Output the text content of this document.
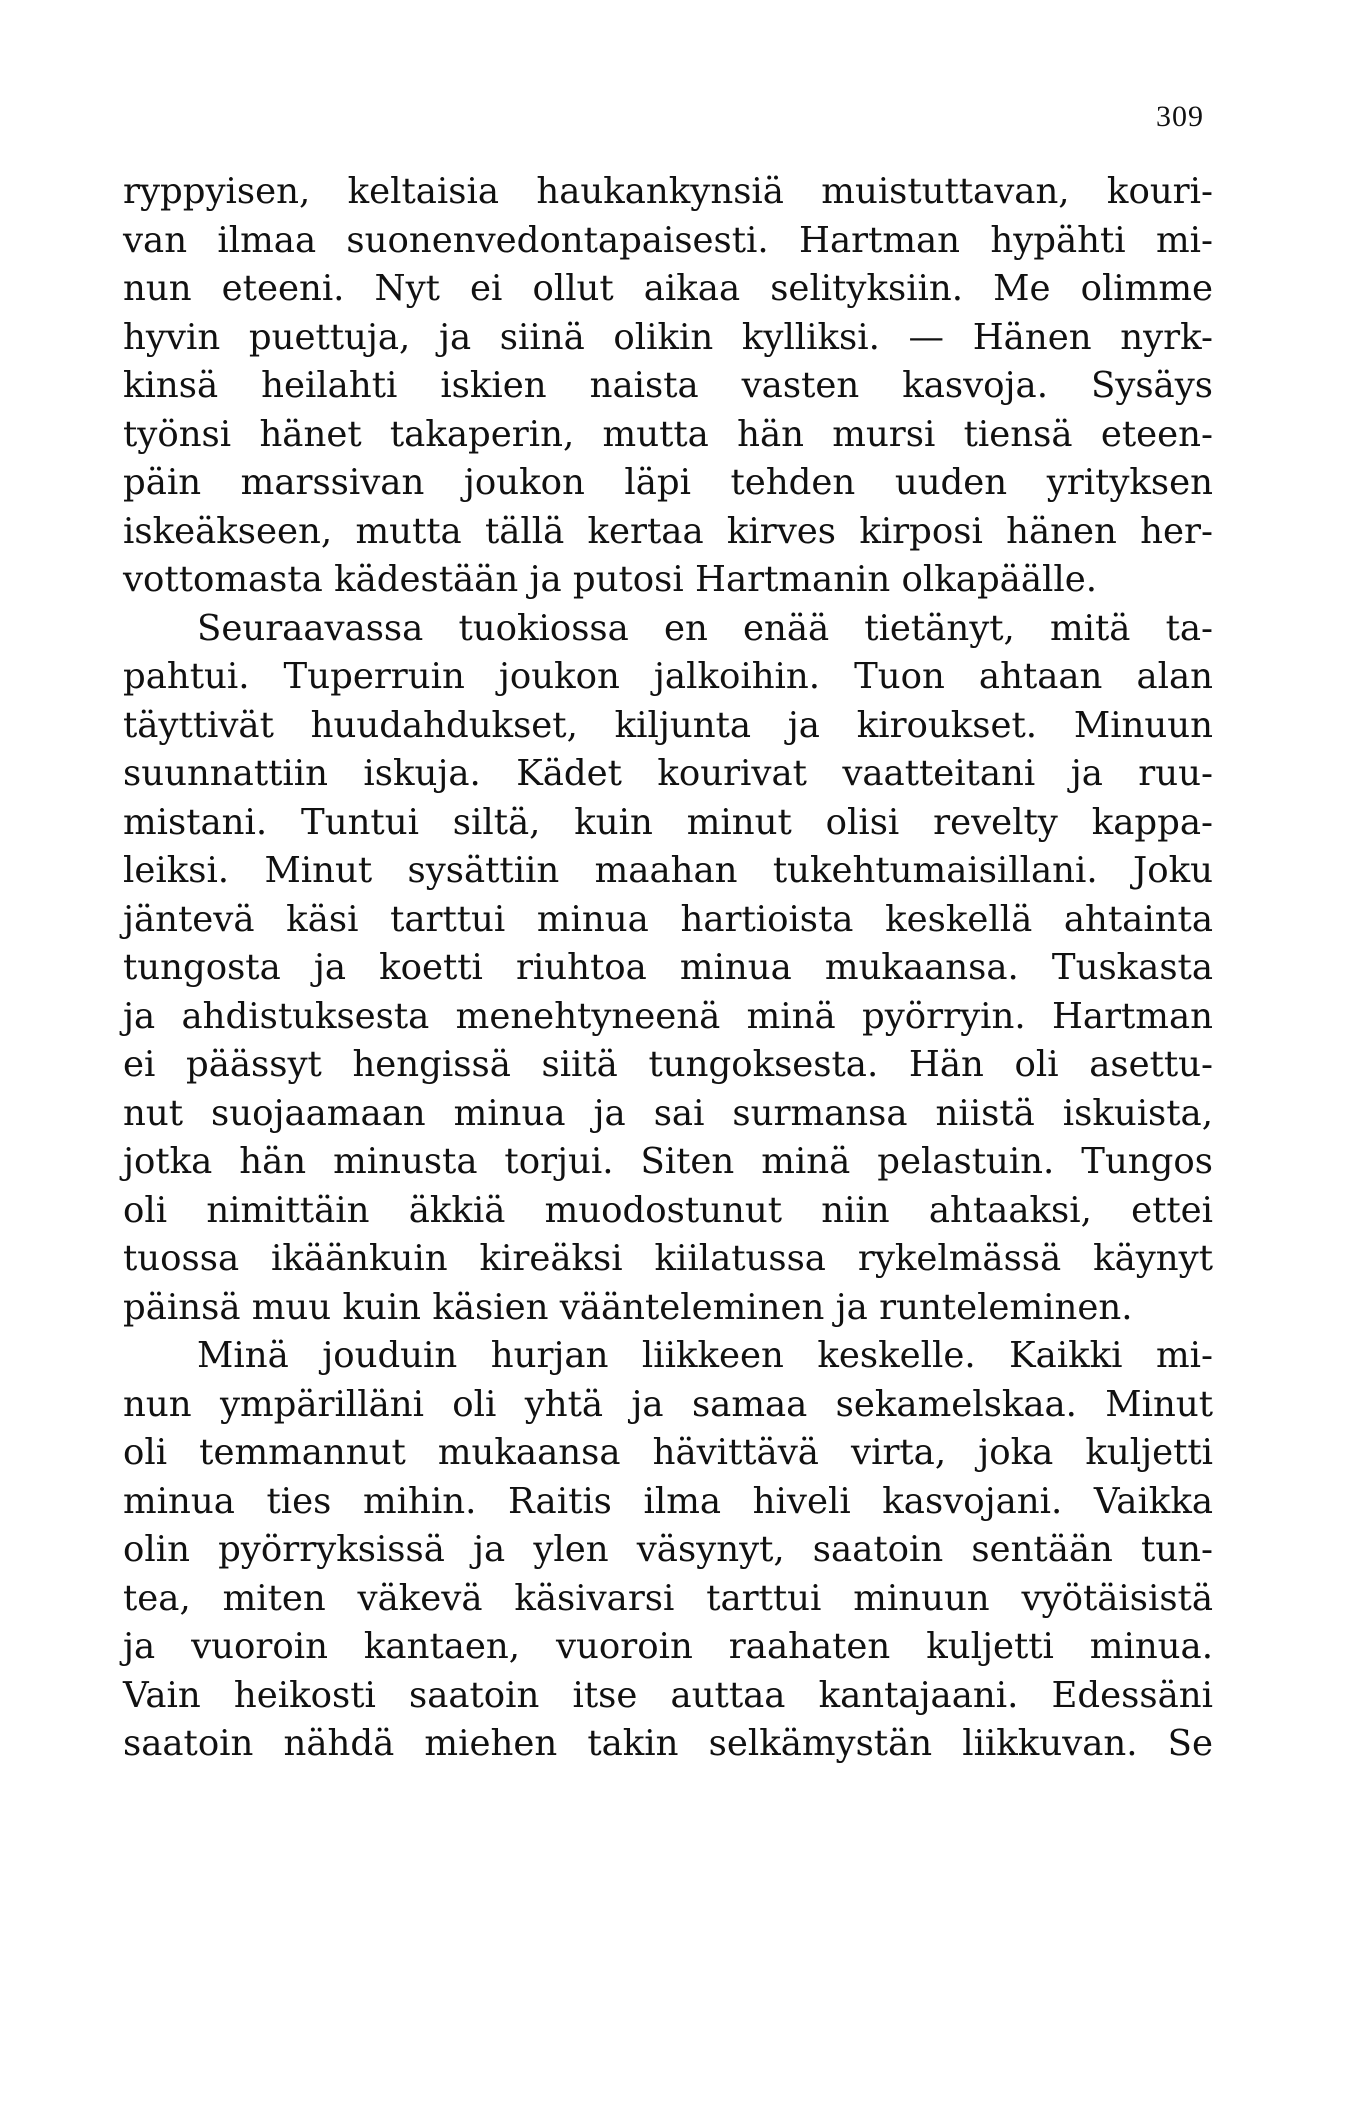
309
ryppyisen, keltaisia haukankynsiä muistuttavan, kouri-
van ilmaa suonenvedontapaisesti. Hartman hypähti mi-
nun eteeni. Nyt ei ollut aikaa selityksiin. Me olimme
hyvin puettuja, ja siinä olikin kylliksi. — Hänen nyrk-
kinsä heilahti iskien naista vasten kasvoja. Sysäys
työnsi hänet takaperin, mutta hän mursi tiensä eteen-
päin marssivan joukon läpi tehden uuden yrityksen
iskeäkseen, mutta tällä kertaa kirves kirposi hänen her-
vottomasta kädestään ja putosi Hartmanin olkapäälle.
Seuraavassa tuokiossa en enää tietänyt, mitä ta-
pahtui. Tuperruin joukon jalkoihin. Tuon ahtaan alan
täyttivät huudahdukset, kiljunta ja kiroukset. Minuun
suunnattiin iskuja. Kädet kourivat vaatteitani ja ruu-
mistani. Tuntui siltä, kuin minut olisi revelty kappa-
leiksi. Minut sysättiin maahan tukehtumaisillani. Joku
jäntevä käsi tarttui minua hartioista keskellä ahtainta
tungosta ja koetti riuhtoa minua mukaansa. Tuskasta
ja ahdistuksesta menehtyneenä minä pyörryin. Hartman
ei päässyt hengissä siitä tungoksesta. Hän oli asettu-
nut suojaamaan minua ja sai surmansa niistä iskuista,
jotka hän minusta torjui. Siten minä pelastuin. Tungos
oli nimittäin äkkiä muodostunut niin ahtaaksi, ettei
tuossa ikäänkuin kireäksi kiilatussa rykelmässä käynyt
päinsä muu kuin käsien vääntelеminen ja runteleminen.
Minä jouduin hurjan liikkeen keskelle. Kaikki mi-
nun ympärilläni oli yhtä ja samaa sekamelskaa. Minut
oli temmannut mukaansa hävittävä virta, joka kuljetti
minua ties mihin. Raitis ilma hiveli kasvojani. Vaikka
olin pyörryksissä ja ylen väsynyt, saatoin sentään tun-
tea, miten väkevä käsivarsi tarttui minuun vyötäisistä
ja vuoroin kantaen, vuoroin raahaten kuljetti minua.
Vain heikosti saatoin itse auttaa kantajaani. Edessäni
saatoin nähdä miehen takin selkämystän liikkuvan. Se
